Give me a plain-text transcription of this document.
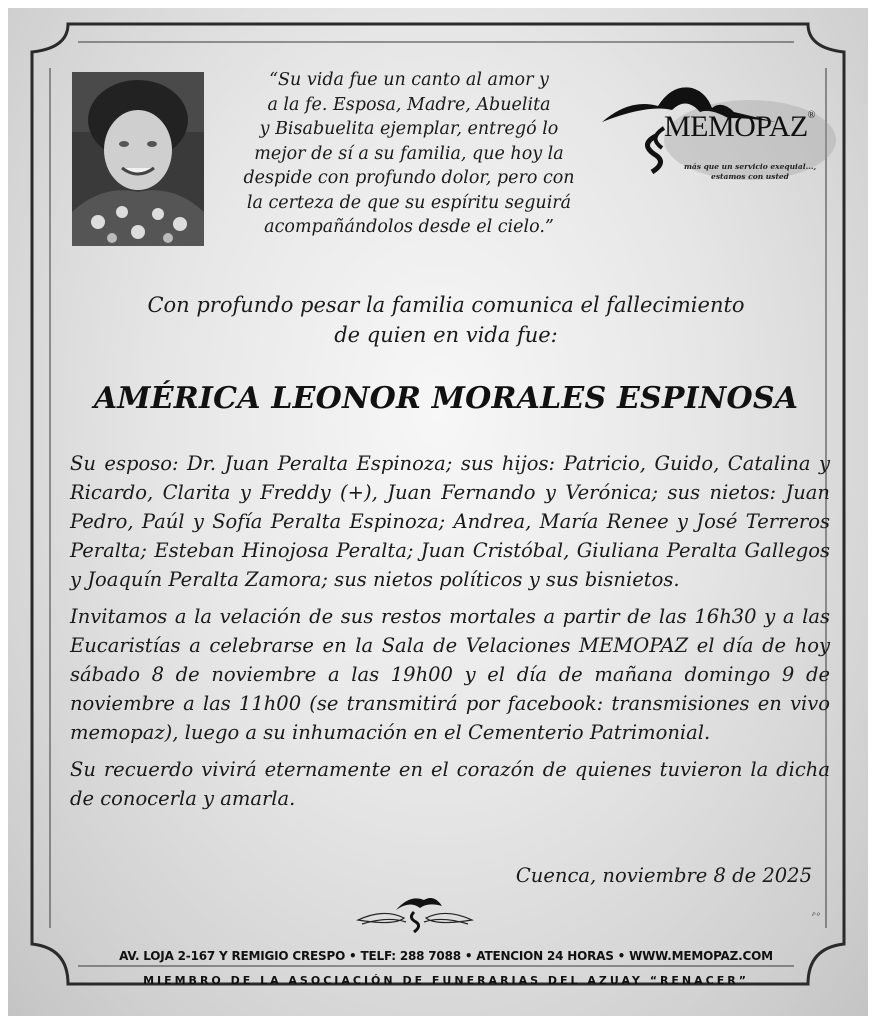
“Su vida fue un canto al amor y

a la fe. Esposa, Madre, Abuelita

y Bisabuelita ejemplar, entregó lo

mejor de sí a su familia, que hoy la

despide con profundo dolor, pero con

la certeza de que su espíritu seguirá

acompañándolos desde el cielo.”

MEMOPAZ®
más que un servicio exequial...,
estamos con usted

Con profundo pesar la familia comunica el fallecimiento

de quien en vida fue:

AMÉRICA LEONOR MORALES ESPINOSA

Su esposo: Dr. Juan Peralta Espinoza; sus hijos: Patricio, Guido, Catalina y Ricardo, Clarita y Freddy (+), Juan Fernando y Verónica; sus nietos: Juan Pedro, Paúl y Sofía Peralta Espinoza; Andrea, María Renee y José Terreros Peralta; Esteban Hinojosa Peralta; Juan Cristóbal, Giuliana Peralta Gallegos y Joaquín Peralta Zamora; sus nietos políticos y sus bisnietos.

Invitamos a la velación de sus restos mortales a partir de las 16h30 y a las Eucaristías a celebrarse en la Sala de Velaciones MEMOPAZ el día de hoy sábado 8 de noviembre a las 19h00 y el día de mañana domingo 9 de noviembre a las 11h00 (se transmitirá por facebook: transmisiones en vivo memopaz), luego a su inhumación en el Cementerio Patrimonial.

Su recuerdo vivirá eternamente en el corazón de quienes tuvieron la dicha de conocerla y amarla.

Cuenca, noviembre 8 de 2025
P-9
AV. LOJA 2-167 Y REMIGIO CRESPO • TELF: 288 7088 • ATENCION 24 HORAS • WWW.MEMOPAZ.COM
MIEMBRO DE LA ASOCIACIÓN DE FUNERARIAS DEL AZUAY “RENACER”
